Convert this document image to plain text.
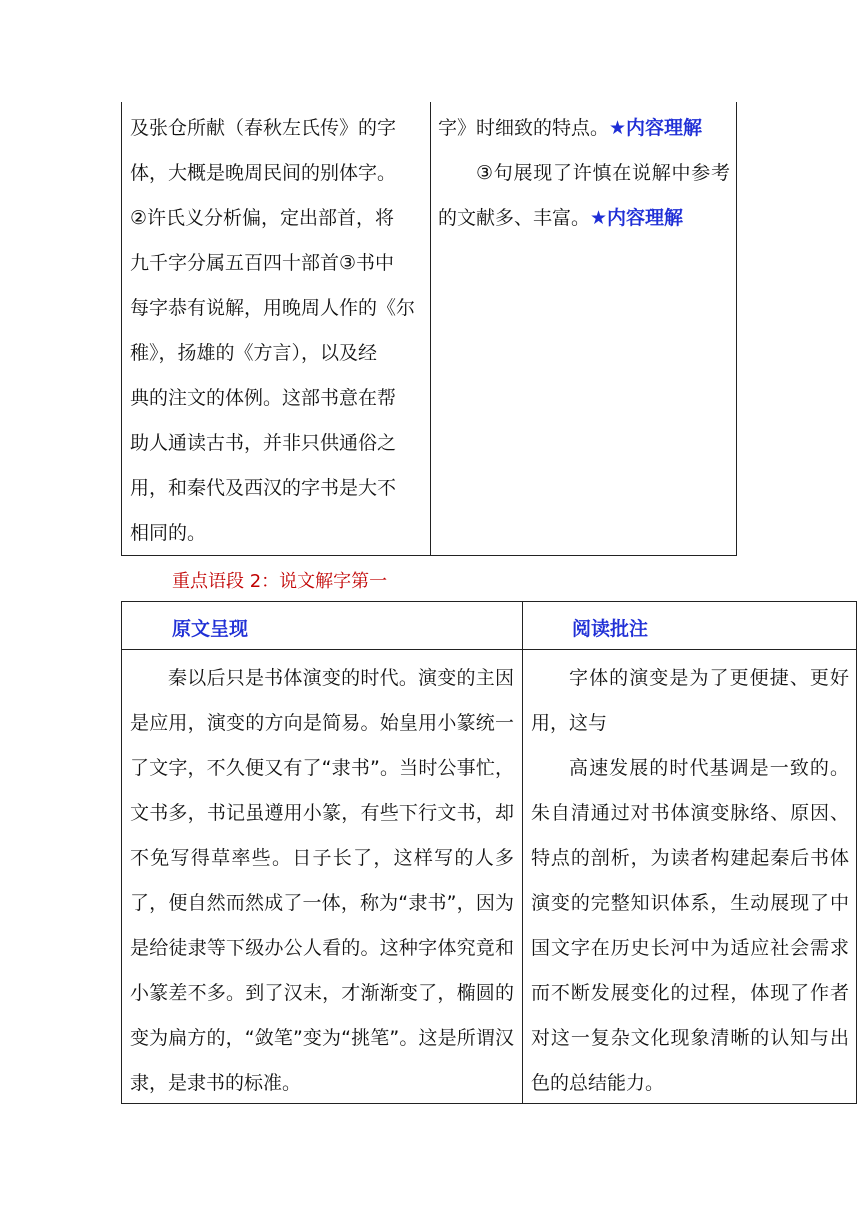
及张仓所献（春秋左氏传》的字
体，大概是晚周民间的别体字。
②许氏义分析偏，定出部首，将
九千字分属五百四十部首③书中
每字恭有说解，用晚周人作的《尔
稚》，扬雄的《方言），以及经
典的注文的体例。这部书意在帮
助人通读古书，并非只供通俗之
用，和秦代及西汉的字书是大不
相同的。

字》时细致的特点。★内容理解

③句展现了许慎在说解中参考的文献多、丰富。★内容理解

重点语段 2：说文解字第一
原文呈现	阅读批注
秦以后只是书体演变的时代。演变的主因是应用，演变的方向是简易。始皇用小篆统一了文字，不久便又有了“隶书”。当时公事忙，文书多，书记虽遵用小篆，有些下行文书，却不免写得草率些。日子长了，这样写的人多了，便自然而然成了一体，称为“隶书”，因为是给徒隶等下级办公人看的。这种字体究竟和小篆差不多。到了汉末，才渐渐变了，椭圆的变为扁方的，“敛笔”变为“挑笔”。这是所谓汉隶，是隶书的标准。

字体的演变是为了更便捷、更好用，这与

高速发展的时代基调是一致的。朱自清通过对书体演变脉络、原因、特点的剖析，为读者构建起秦后书体演变的完整知识体系，生动展现了中国文字在历史长河中为适应社会需求而不断发展变化的过程，体现了作者对这一复杂文化现象清晰的认知与出色的总结能力。
